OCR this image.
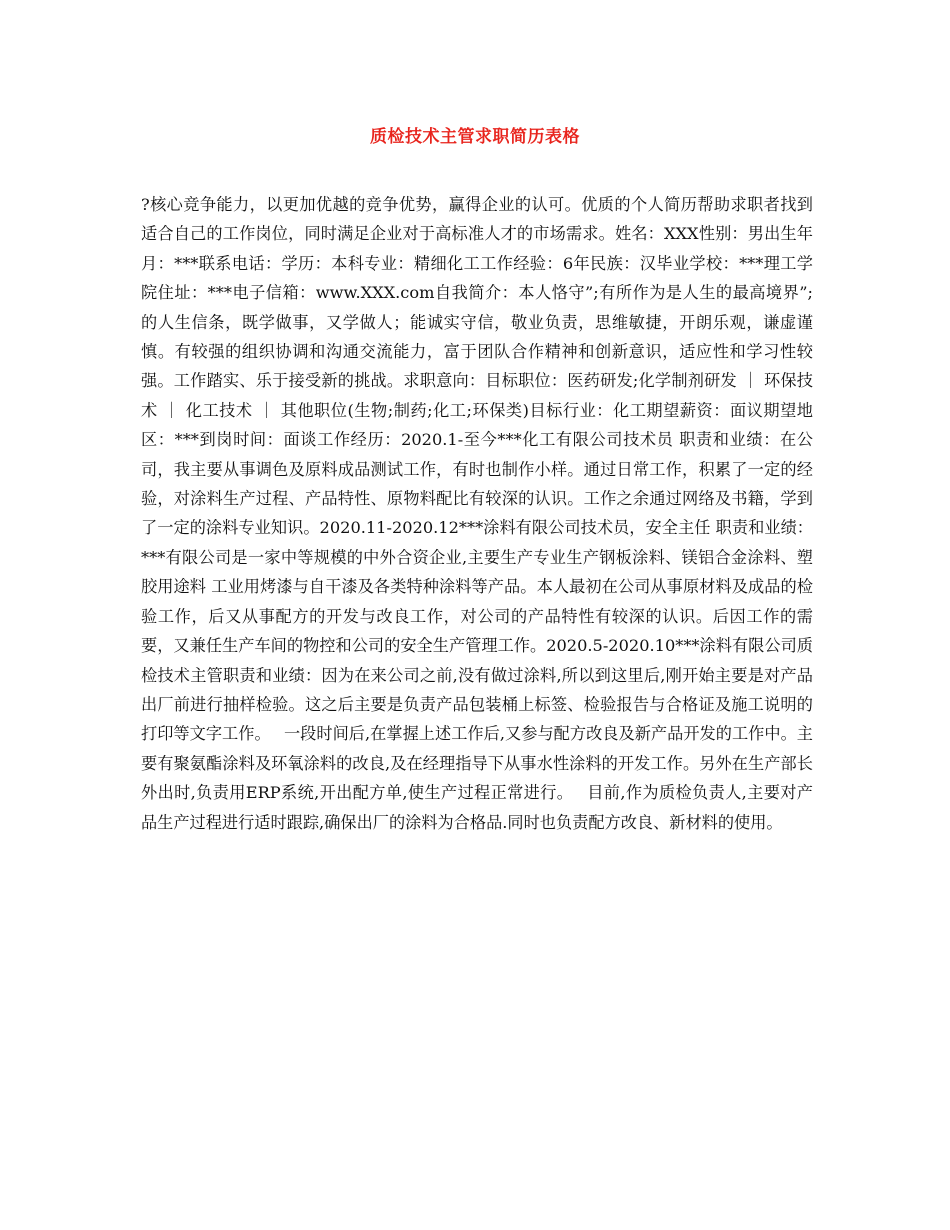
质检技术主管求职简历表格

?核心竞争能力，以更加优越的竞争优势，赢得企业的认可。优质的个人简历帮助求职者找到适合自己的工作岗位，同时满足企业对于高标准人才的市场需求。姓名：XXX性别：男出生年月：***联系电话：学历：本科专业：精细化工工作经验：6年民族：汉毕业学校：***理工学院住址：***电子信箱：www.XXX.com自我简介：本人恪守”;有所作为是人生的最高境界”;的人生信条，既学做事，又学做人；能诚实守信，敬业负责，思维敏捷，开朗乐观，谦虚谨慎。有较强的组织协调和沟通交流能力，富于团队合作精神和创新意识，适应性和学习性较强。工作踏实、乐于接受新的挑战。求职意向：目标职位：医药研发;化学制剂研发 ｜ 环保技术 ｜ 化工技术 ｜ 其他职位(生物;制药;化工;环保类)目标行业：化工期望薪资：面议期望地区：***到岗时间：面谈工作经历：2020.1-至今***化工有限公司技术员 职责和业绩：在公司，我主要从事调色及原料成品测试工作，有时也制作小样。通过日常工作，积累了一定的经验，对涂料生产过程、产品特性、原物料配比有较深的认识。工作之余通过网络及书籍，学到了一定的涂料专业知识。2020.11-2020.12***涂料有限公司技术员，安全主任 职责和业绩：***有限公司是一家中等规模的中外合资企业,主要生产专业生产钢板涂料、镁铝合金涂料、塑胶用途料 工业用烤漆与自干漆及各类特种涂料等产品。本人最初在公司从事原材料及成品的检验工作，后又从事配方的开发与改良工作，对公司的产品特性有较深的认识。后因工作的需要，又兼任生产车间的物控和公司的安全生产管理工作。2020.5-2020.10***涂料有限公司质检技术主管职责和业绩：因为在来公司之前,没有做过涂料,所以到这里后,刚开始主要是对产品出厂前进行抽样检验。这之后主要是负责产品包装桶上标签、检验报告与合格证及施工说明的打印等文字工作。　 一段时间后,在掌握上述工作后,又参与配方改良及新产品开发的工作中。主要有聚氨酯涂料及环氧涂料的改良,及在经理指导下从事水性涂料的开发工作。另外在生产部长外出时,负责用ERP系统,开出配方单,使生产过程正常进行。　 目前,作为质检负责人,主要对产品生产过程进行适时跟踪,确保出厂的涂料为合格品.同时也负责配方改良、新材料的使用。
